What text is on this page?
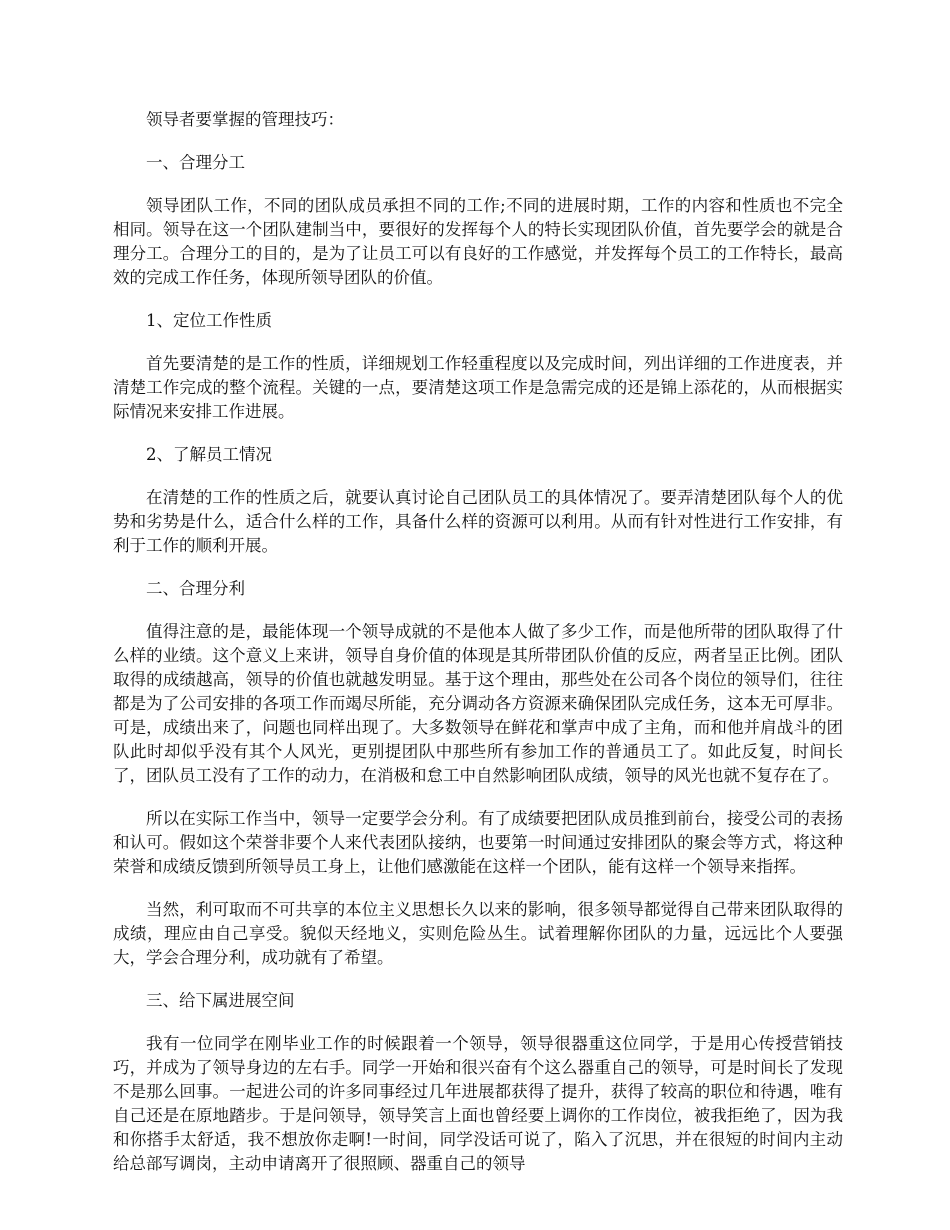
领导者要掌握的管理技巧：

一、合理分工

领导团队工作，不同的团队成员承担不同的工作;不同的进展时期，工作的内容和性质也不完全相同。领导在这一个团队建制当中，要很好的发挥每个人的特长实现团队价值，首先要学会的就是合理分工。合理分工的目的，是为了让员工可以有良好的工作感觉，并发挥每个员工的工作特长，最高效的完成工作任务，体现所领导团队的价值。

1、定位工作性质

首先要清楚的是工作的性质，详细规划工作轻重程度以及完成时间，列出详细的工作进度表，并清楚工作完成的整个流程。关键的一点，要清楚这项工作是急需完成的还是锦上添花的，从而根据实际情况来安排工作进展。

2、了解员工情况

在清楚的工作的性质之后，就要认真讨论自己团队员工的具体情况了。要弄清楚团队每个人的优势和劣势是什么，适合什么样的工作，具备什么样的资源可以利用。从而有针对性进行工作安排，有利于工作的顺利开展。

二、合理分利

值得注意的是，最能体现一个领导成就的不是他本人做了多少工作，而是他所带的团队取得了什么样的业绩。这个意义上来讲，领导自身价值的体现是其所带团队价值的反应，两者呈正比例。团队取得的成绩越高，领导的价值也就越发明显。基于这个理由，那些处在公司各个岗位的领导们，往往都是为了公司安排的各项工作而竭尽所能，充分调动各方资源来确保团队完成任务，这本无可厚非。可是，成绩出来了，问题也同样出现了。大多数领导在鲜花和掌声中成了主角，而和他并肩战斗的团队此时却似乎没有其个人风光，更别提团队中那些所有参加工作的普通员工了。如此反复，时间长了，团队员工没有了工作的动力，在消极和怠工中自然影响团队成绩，领导的风光也就不复存在了。

所以在实际工作当中，领导一定要学会分利。有了成绩要把团队成员推到前台，接受公司的表扬和认可。假如这个荣誉非要个人来代表团队接纳，也要第一时间通过安排团队的聚会等方式，将这种荣誉和成绩反馈到所领导员工身上，让他们感激能在这样一个团队，能有这样一个领导来指挥。

当然，利可取而不可共享的本位主义思想长久以来的影响，很多领导都觉得自己带来团队取得的成绩，理应由自己享受。貌似天经地义，实则危险丛生。试着理解你团队的力量，远远比个人要强大，学会合理分利，成功就有了希望。

三、给下属进展空间

我有一位同学在刚毕业工作的时候跟着一个领导，领导很器重这位同学，于是用心传授营销技巧，并成为了领导身边的左右手。同学一开始和很兴奋有个这么器重自己的领导，可是时间长了发现不是那么回事。一起进公司的许多同事经过几年进展都获得了提升，获得了较高的职位和待遇，唯有自己还是在原地踏步。于是问领导，领导笑言上面也曾经要上调你的工作岗位，被我拒绝了，因为我和你搭手太舒适，我不想放你走啊!一时间，同学没话可说了，陷入了沉思，并在很短的时间内主动给总部写调岗，主动申请离开了很照顾、器重自己的领导
